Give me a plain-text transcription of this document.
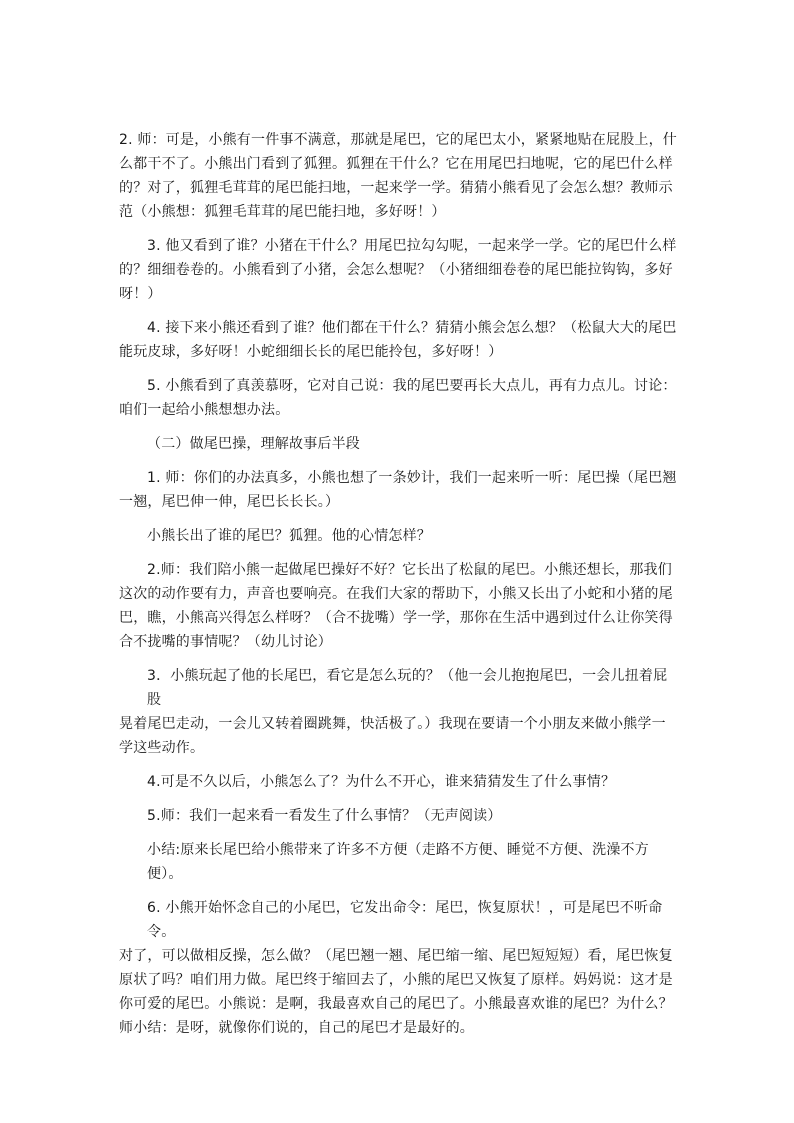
2. 师：可是，小熊有一件事不满意，那就是尾巴，它的尾巴太小，紧紧地贴在屁股上，什
么都干不了。小熊出门看到了狐狸。狐狸在干什么？它在用尾巴扫地呢，它的尾巴什么样
的？对了，狐狸毛茸茸的尾巴能扫地，一起来学一学。猜猜小熊看见了会怎么想？教师示
范（小熊想：狐狸毛茸茸的尾巴能扫地，多好呀！）

3. 他又看到了谁？小猪在干什么？用尾巴拉勾勾呢，一起来学一学。它的尾巴什么样
的？细细卷卷的。小熊看到了小猪，会怎么想呢？（小猪细细卷卷的尾巴能拉钩钩，多好
呀！）

4. 接下来小熊还看到了谁？他们都在干什么？猜猜小熊会怎么想？（松鼠大大的尾巴
能玩皮球，多好呀！小蛇细细长长的尾巴能拎包，多好呀！）

5. 小熊看到了真羡慕呀，它对自己说：我的尾巴要再长大点儿，再有力点儿。讨论：
咱们一起给小熊想想办法。

（二）做尾巴操，理解故事后半段

1. 师：你们的办法真多，小熊也想了一条妙计，我们一起来听一听：尾巴操（尾巴翘
一翘，尾巴伸一伸，尾巴长长长。）

小熊长出了谁的尾巴？狐狸。他的心情怎样？

2.师：我们陪小熊一起做尾巴操好不好？它长出了松鼠的尾巴。小熊还想长，那我们
这次的动作要有力，声音也要响亮。在我们大家的帮助下，小熊又长出了小蛇和小猪的尾
巴，瞧，小熊高兴得怎么样呀？（合不拢嘴）学一学，那你在生活中遇到过什么让你笑得
合不拢嘴的事情呢？（幼儿讨论）

3．小熊玩起了他的长尾巴，看它是怎么玩的？（他一会儿抱抱尾巴，一会儿扭着屁股
晃着尾巴走动，一会儿又转着圈跳舞，快活极了。）我现在要请一个小朋友来做小熊学一
学这些动作。

4.可是不久以后，小熊怎么了？为什么不开心，谁来猜猜发生了什么事情？

5.师：我们一起来看一看发生了什么事情？（无声阅读）

小结:原来长尾巴给小熊带来了许多不方便（走路不方便、睡觉不方便、洗澡不方便）。

6. 小熊开始怀念自己的小尾巴，它发出命令：尾巴，恢复原状！，可是尾巴不听命令。
对了，可以做相反操，怎么做？（尾巴翘一翘、尾巴缩一缩、尾巴短短短）看，尾巴恢复
原状了吗？咱们用力做。尾巴终于缩回去了，小熊的尾巴又恢复了原样。妈妈说：这才是
你可爱的尾巴。小熊说：是啊，我最喜欢自己的尾巴了。小熊最喜欢谁的尾巴？为什么？
师小结：是呀，就像你们说的，自己的尾巴才是最好的。
